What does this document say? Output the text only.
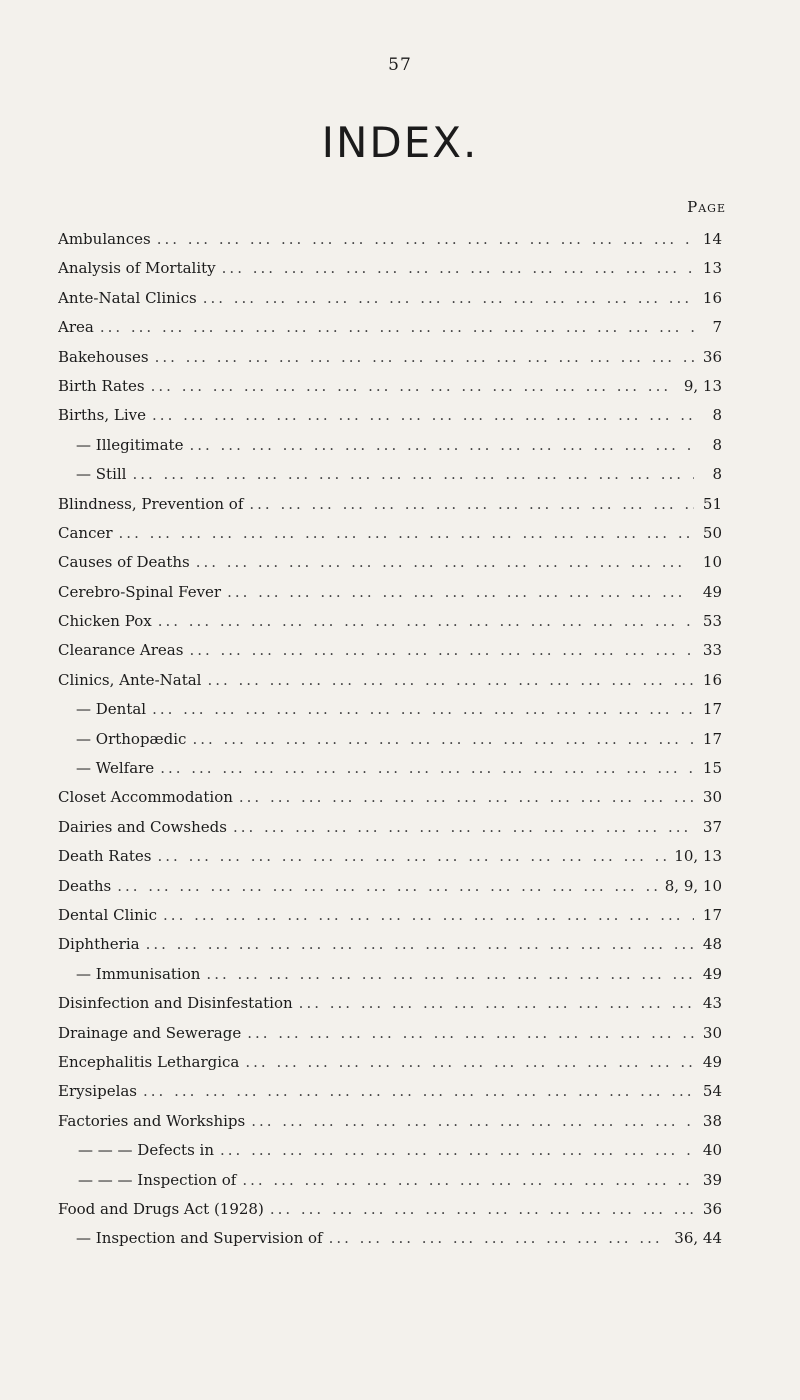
57
INDEX.
Page
Ambulances ... .	14
Analysis of Mortality ... .	13
Ante-Natal Clinics ... .	16
Area ... .	7
Bakehouses ... .	36
Birth Rates ... .	9, 13
Births, Live ... .	8
— Illegitimate ... .	8
— Still ... .	8
Blindness, Prevention of ... .	51
Cancer ... .	50
Causes of Deaths ... .	10
Cerebro-Spinal Fever ... .	49
Chicken Pox ... .	53
Clearance Areas ... .	33
Clinics, Ante-Natal ... .	16
— Dental ... .	17
— Orthopædic ... .	17
— Welfare ... .	15
Closet Accommodation ... .	30
Dairies and Cowsheds ... .	37
Death Rates ... .	10, 13
Deaths ... .	8, 9, 10
Dental Clinic ... .	17
Diphtheria ... .	48
— Immunisation ... .	49
Disinfection and Disinfestation ... .	43
Drainage and Sewerage ... .	30
Encephalitis Lethargica ... .	49
Erysipelas ... .	54
Factories and Workships ... .	38
— — — Defects in ... .	40
— — — Inspection of ... .	39
Food and Drugs Act (1928) ... .	36
— Inspection and Supervision of ... .	36, 44
